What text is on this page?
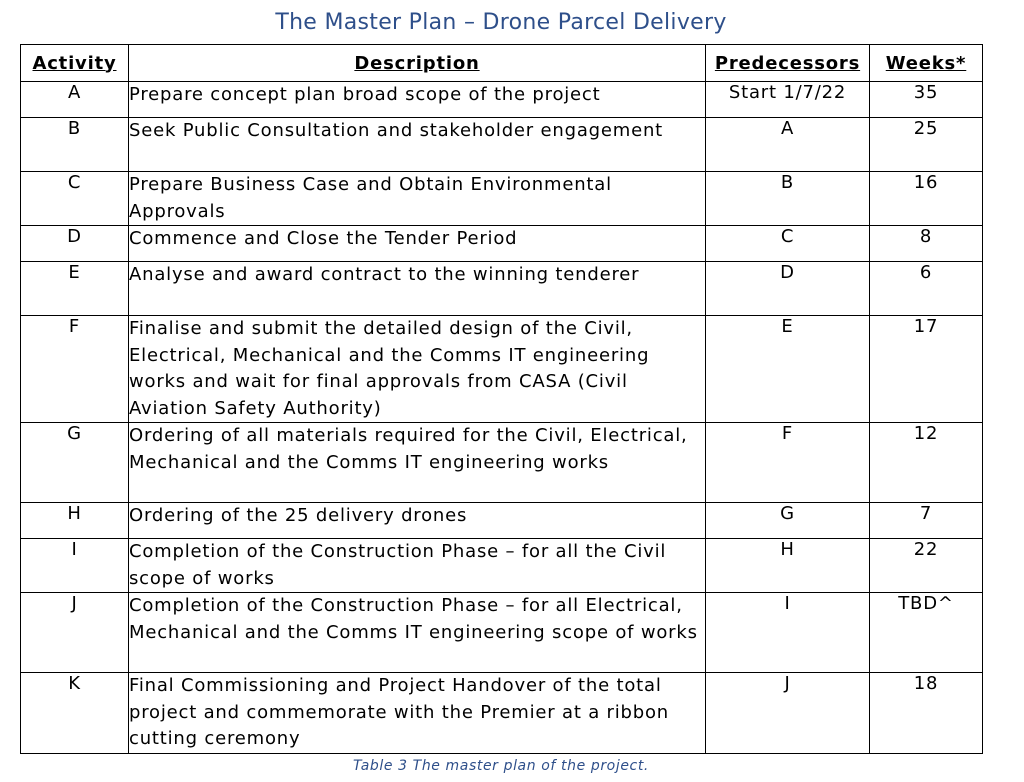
The Master Plan – Drone Parcel Delivery
Activity	Description	Predecessors	Weeks*
A	Prepare concept plan broad scope of the project	Start 1/7/22	35
B	Seek Public Consultation and stakeholder engagement	A	25
C	Prepare Business Case and Obtain Environmental Approvals	B	16
D	Commence and Close the Tender Period	C	8
E	Analyse and award contract to the winning tenderer	D	6
F	Finalise and submit the detailed design of the Civil, Electrical, Mechanical and the Comms IT engineering works and wait for final approvals from CASA (Civil Aviation Safety Authority)	E	17
G	Ordering of all materials required for the Civil, Electrical, Mechanical and the Comms IT engineering works	F	12
H	Ordering of the 25 delivery drones	G	7
I	Completion of the Construction Phase – for all the Civil scope of works	H	22
J	Completion of the Construction Phase – for all Electrical, Mechanical and the Comms IT engineering scope of works	I	TBD^
K	Final Commissioning and Project Handover of the total project and commemorate with the Premier at a ribbon cutting ceremony	J	18
Table 3 The master plan of the project.
